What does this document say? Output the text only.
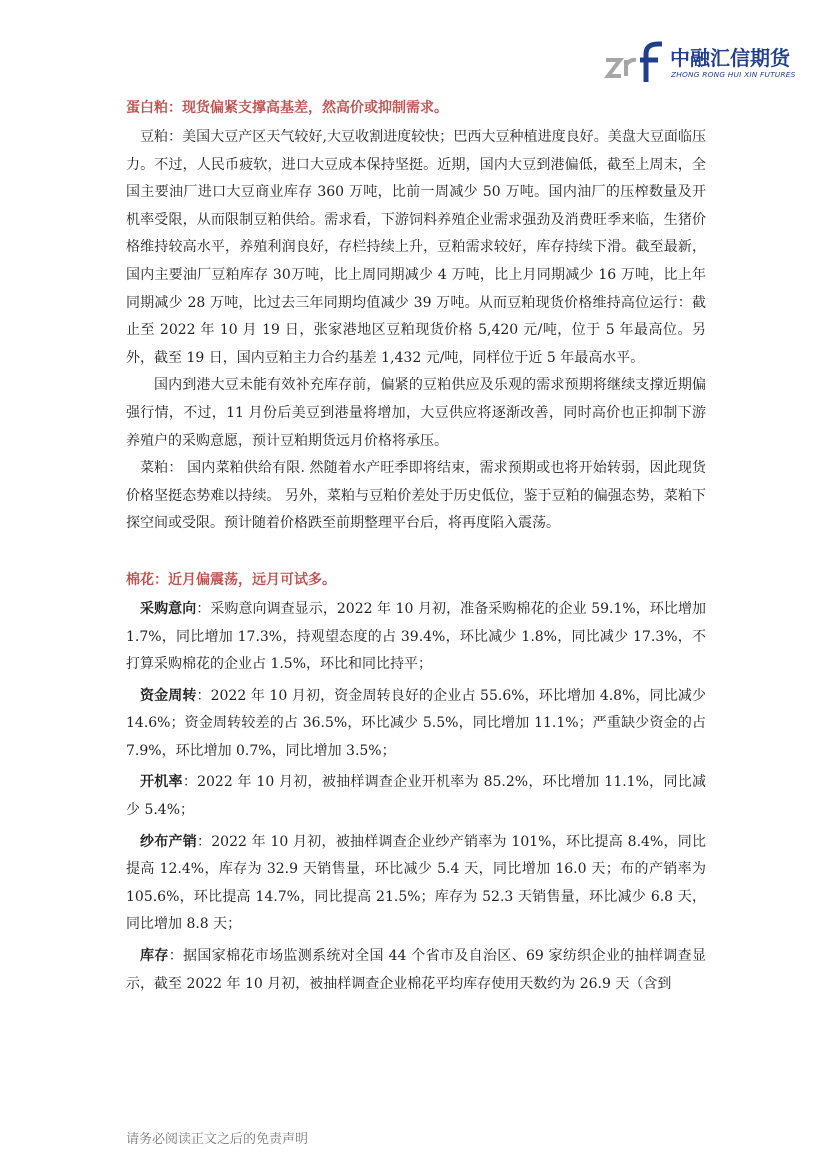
中融汇信期货
ZHONG RONG HUI XIN FUTURES
蛋白粕：现货偏紧支撑高基差，然高价或抑制需求。

豆粕：美国大豆产区天气较好,大豆收割进度较快；巴西大豆种植进度良好。美盘大豆面临压力。不过，人民币疲软，进口大豆成本保持坚挺。近期，国内大豆到港偏低，截至上周末，全国主要油厂进口大豆商业库存 360 万吨，比前一周减少 50 万吨。国内油厂的压榨数量及开机率受限，从而限制豆粕供给。需求看，下游饲料养殖企业需求强劲及消费旺季来临，生猪价格维持较高水平，养殖利润良好，存栏持续上升，豆粕需求较好，库存持续下滑。截至最新，国内主要油厂豆粕库存 30万吨，比上周同期减少 4 万吨，比上月同期减少 16 万吨，比上年同期减少 28 万吨，比过去三年同期均值减少 39 万吨。从而豆粕现货价格维持高位运行：截止至 2022 年 10 月 19 日，张家港地区豆粕现货价格 5,420 元/吨，位于 5 年最高位。另外，截至 19 日，国内豆粕主力合约基差 1,432 元/吨，同样位于近 5 年最高水平。

国内到港大豆未能有效补充库存前，偏紧的豆粕供应及乐观的需求预期将继续支撑近期偏强行情，不过，11 月份后美豆到港量将增加，大豆供应将逐渐改善，同时高价也正抑制下游养殖户的采购意愿，预计豆粕期货远月价格将承压。

菜粕： 国内菜粕供给有限. 然随着水产旺季即将结束，需求预期或也将开始转弱，因此现货价格坚挺态势难以持续。 另外，菜粕与豆粕价差处于历史低位，鉴于豆粕的偏强态势，菜粕下探空间或受限。预计随着价格跌至前期整理平台后，将再度陷入震荡。

棉花：近月偏震荡，远月可试多。

采购意向：采购意向调查显示，2022 年 10 月初，准备采购棉花的企业 59.1%，环比增加 1.7%，同比增加 17.3%，持观望态度的占 39.4%，环比减少 1.8%，同比减少 17.3%，不打算采购棉花的企业占 1.5%，环比和同比持平；

资金周转：2022 年 10 月初，资金周转良好的企业占 55.6%，环比增加 4.8%，同比减少 14.6%；资金周转较差的占 36.5%，环比减少 5.5%，同比增加 11.1%；严重缺少资金的占 7.9%，环比增加 0.7%，同比增加 3.5%；

开机率：2022 年 10 月初，被抽样调查企业开机率为 85.2%，环比增加 11.1%，同比减少 5.4%；

纱布产销：2022 年 10 月初，被抽样调查企业纱产销率为 101%，环比提高 8.4%，同比提高 12.4%，库存为 32.9 天销售量，环比减少 5.4 天，同比增加 16.0 天；布的产销率为 105.6%，环比提高 14.7%，同比提高 21.5%；库存为 52.3 天销售量，环比减少 6.8 天，同比增加 8.8 天；

库存：据国家棉花市场监测系统对全国 44 个省市及自治区、69 家纺织企业的抽样调查显示，截至 2022 年 10 月初，被抽样调查企业棉花平均库存使用天数约为 26.9 天（含到

请务必阅读正文之后的免责声明
